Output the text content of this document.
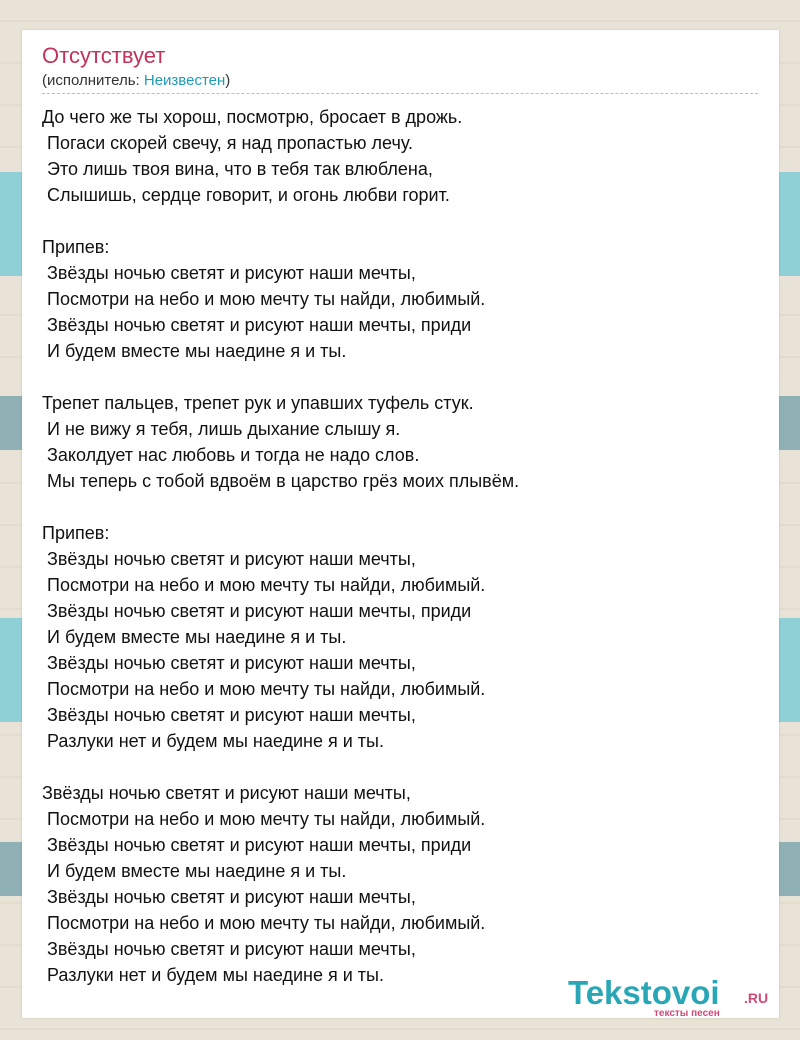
Отсутствует
(исполнитель: Неизвестен)
До чего же ты хорош, посмотрю, бросает в дрожь.
Погаси скорей свечу, я над пропастью лечу.
Это лишь твоя вина, что в тебя так влюблена,
Слышишь, сердце говорит, и огонь любви горит.
Припев:
Звёзды ночью светят и рисуют наши мечты,
Посмотри на небо и мою мечту ты найди, любимый.
Звёзды ночью светят и рисуют наши мечты, приди
И будем вместе мы наедине я и ты.
Трепет пальцев, трепет рук и упавших туфель стук.
И не вижу я тебя, лишь дыхание слышу я.
Заколдует нас любовь и тогда не надо слов.
Мы теперь с тобой вдвоём в царство грёз моих плывём.
Припев:
Звёзды ночью светят и рисуют наши мечты,
Посмотри на небо и мою мечту ты найди, любимый.
Звёзды ночью светят и рисуют наши мечты, приди
И будем вместе мы наедине я и ты.
Звёзды ночью светят и рисуют наши мечты,
Посмотри на небо и мою мечту ты найди, любимый.
Звёзды ночью светят и рисуют наши мечты,
Разлуки нет и будем мы наедине я и ты.
Звёзды ночью светят и рисуют наши мечты,
Посмотри на небо и мою мечту ты найди, любимый.
Звёзды ночью светят и рисуют наши мечты, приди
И будем вместе мы наедине я и ты.
Звёзды ночью светят и рисуют наши мечты,
Посмотри на небо и мою мечту ты найди, любимый.
Звёзды ночью светят и рисуют наши мечты,
Разлуки нет и будем мы наедине я и ты.	Tekstovoi .RU
тексты песен
